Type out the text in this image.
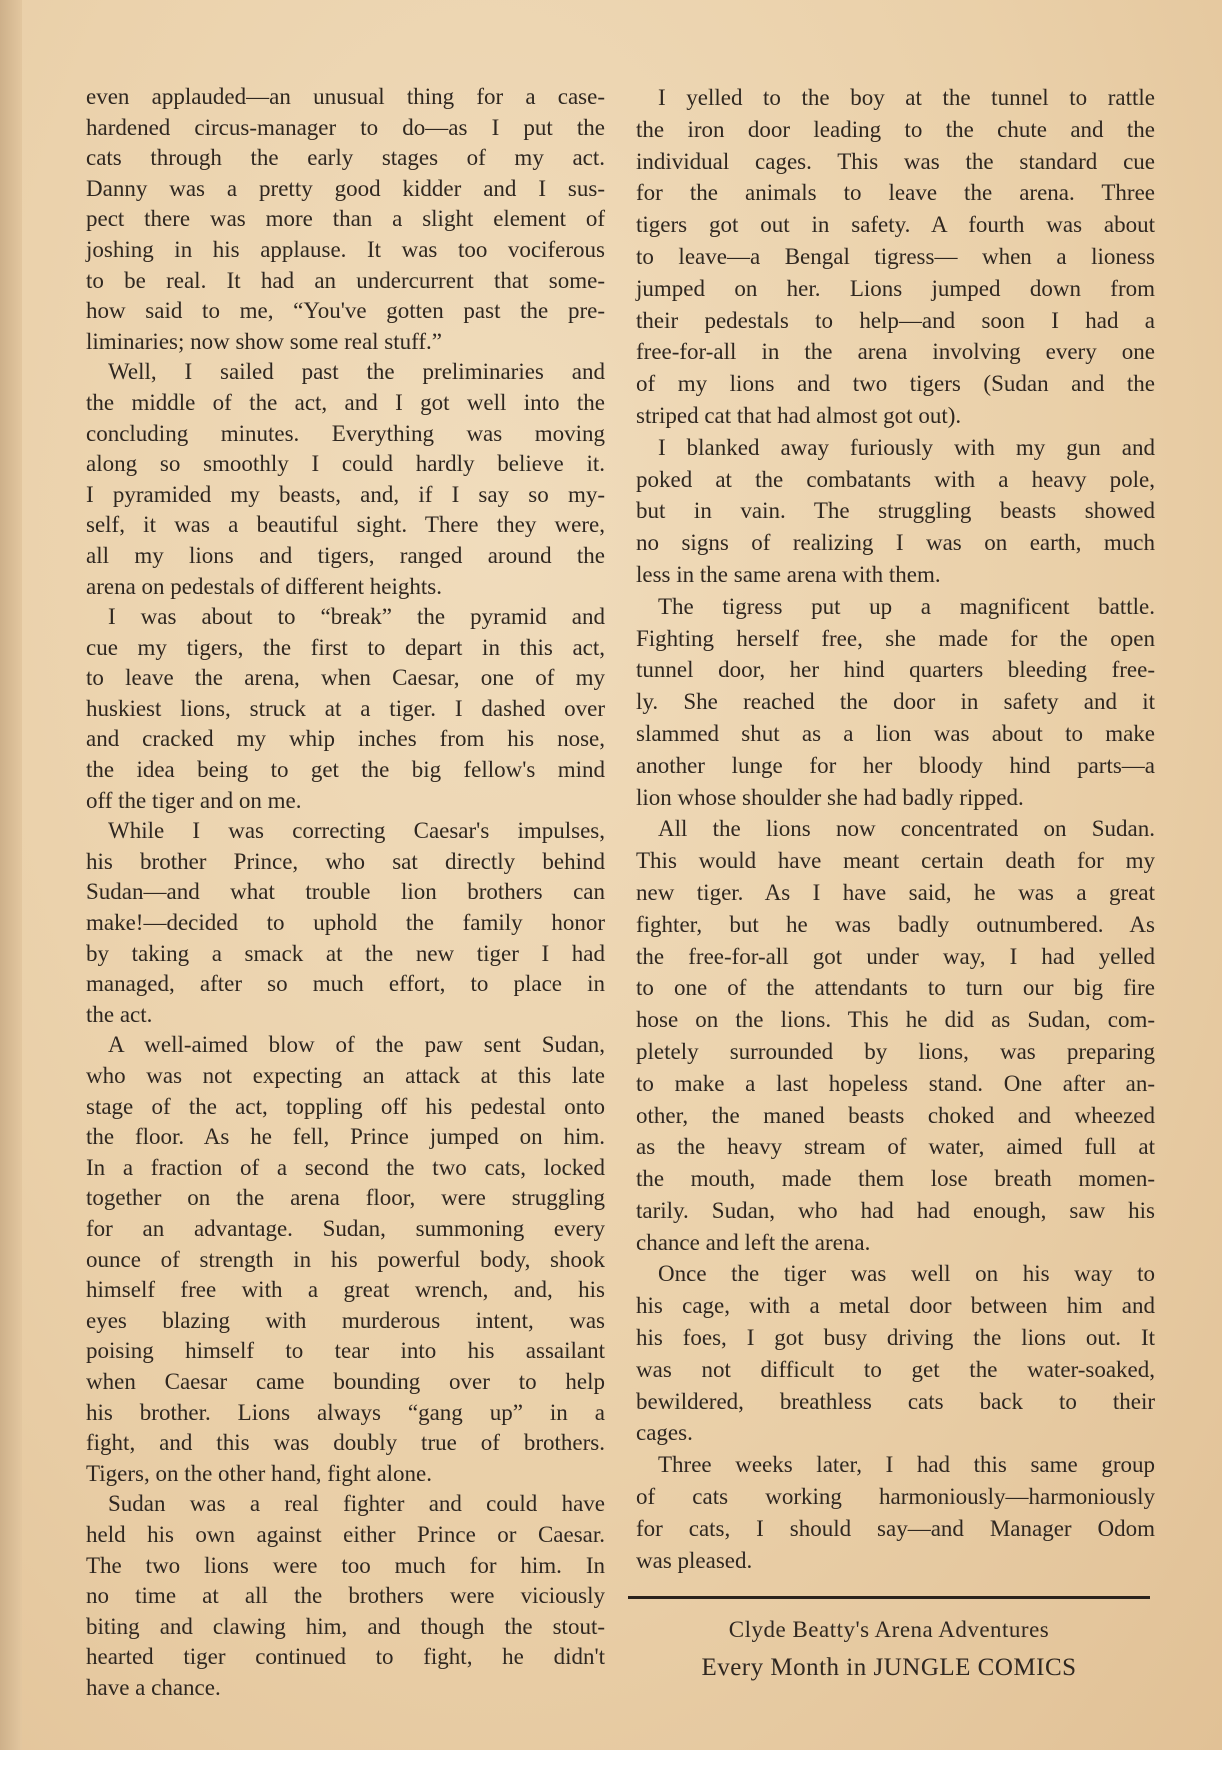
even applauded—an unusual thing for a case-
hardened circus-manager to do—as I put the
cats through the early stages of my act.
Danny was a pretty good kidder and I sus-
pect there was more than a slight element of
joshing in his applause. It was too vociferous
to be real. It had an undercurrent that some-
how said to me, “You've gotten past the pre-
liminaries; now show some real stuff.”
Well, I sailed past the preliminaries and
the middle of the act, and I got well into the
concluding minutes. Everything was moving
along so smoothly I could hardly believe it.
I pyramided my beasts, and, if I say so my-
self, it was a beautiful sight. There they were,
all my lions and tigers, ranged around the
arena on pedestals of different heights.
I was about to “break” the pyramid and
cue my tigers, the first to depart in this act,
to leave the arena, when Caesar, one of my
huskiest lions, struck at a tiger. I dashed over
and cracked my whip inches from his nose,
the idea being to get the big fellow's mind
off the tiger and on me.
While I was correcting Caesar's impulses,
his brother Prince, who sat directly behind
Sudan—and what trouble lion brothers can
make!—decided to uphold the family honor
by taking a smack at the new tiger I had
managed, after so much effort, to place in
the act.
A well-aimed blow of the paw sent Sudan,
who was not expecting an attack at this late
stage of the act, toppling off his pedestal onto
the floor. As he fell, Prince jumped on him.
In a fraction of a second the two cats, locked
together on the arena floor, were struggling
for an advantage. Sudan, summoning every
ounce of strength in his powerful body, shook
himself free with a great wrench, and, his
eyes blazing with murderous intent, was
poising himself to tear into his assailant
when Caesar came bounding over to help
his brother. Lions always “gang up” in a
fight, and this was doubly true of brothers.
Tigers, on the other hand, fight alone.
Sudan was a real fighter and could have
held his own against either Prince or Caesar.
The two lions were too much for him. In
no time at all the brothers were viciously
biting and clawing him, and though the stout-
hearted tiger continued to fight, he didn't
have a chance.
I yelled to the boy at the tunnel to rattle
the iron door leading to the chute and the
individual cages. This was the standard cue
for the animals to leave the arena. Three
tigers got out in safety. A fourth was about
to leave—a Bengal tigress— when a lioness
jumped on her. Lions jumped down from
their pedestals to help—and soon I had a
free-for-all in the arena involving every one
of my lions and two tigers (Sudan and the
striped cat that had almost got out).
I blanked away furiously with my gun and
poked at the combatants with a heavy pole,
but in vain. The struggling beasts showed
no signs of realizing I was on earth, much
less in the same arena with them.
The tigress put up a magnificent battle.
Fighting herself free, she made for the open
tunnel door, her hind quarters bleeding free-
ly. She reached the door in safety and it
slammed shut as a lion was about to make
another lunge for her bloody hind parts—a
lion whose shoulder she had badly ripped.
All the lions now concentrated on Sudan.
This would have meant certain death for my
new tiger. As I have said, he was a great
fighter, but he was badly outnumbered. As
the free-for-all got under way, I had yelled
to one of the attendants to turn our big fire
hose on the lions. This he did as Sudan, com-
pletely surrounded by lions, was preparing
to make a last hopeless stand. One after an-
other, the maned beasts choked and wheezed
as the heavy stream of water, aimed full at
the mouth, made them lose breath momen-
tarily. Sudan, who had had enough, saw his
chance and left the arena.
Once the tiger was well on his way to
his cage, with a metal door between him and
his foes, I got busy driving the lions out. It
was not difficult to get the water-soaked,
bewildered, breathless cats back to their
cages.
Three weeks later, I had this same group
of cats working harmoniously—harmoniously
for cats, I should say—and Manager Odom
was pleased.
Clyde Beatty's Arena Adventures
Every Month in JUNGLE COMICS
